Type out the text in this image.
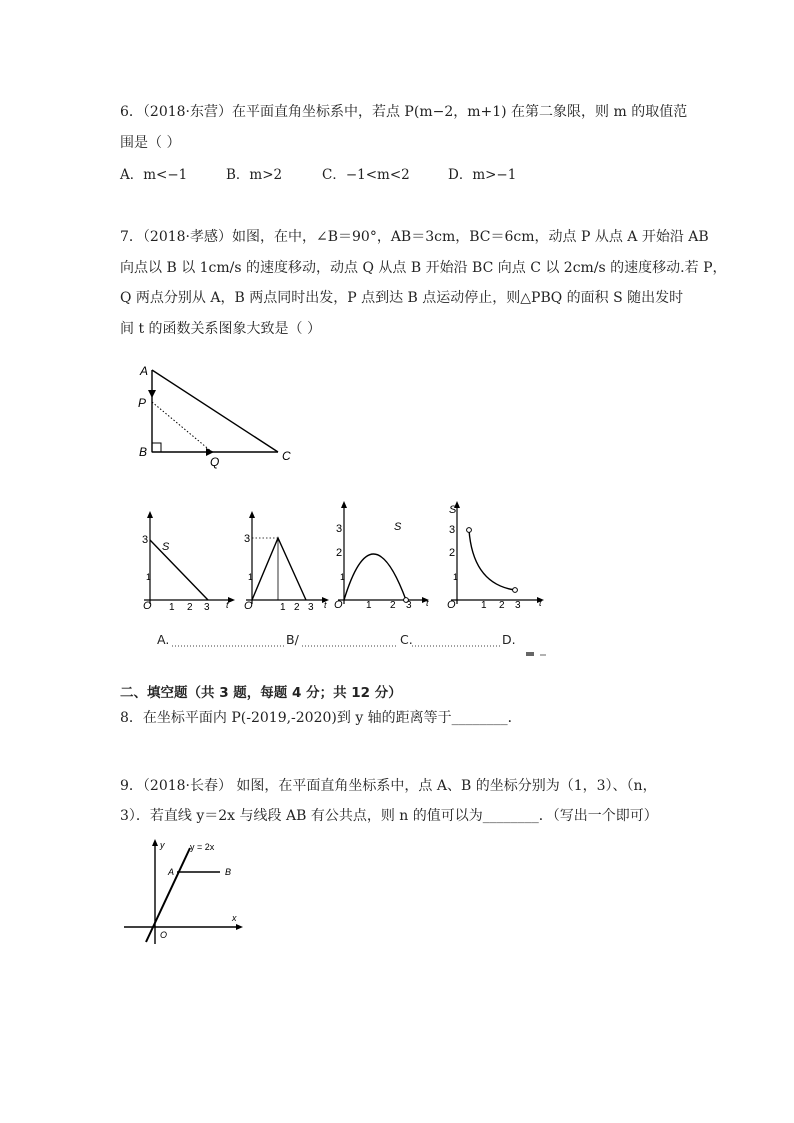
6．（2018·东营）在平面直角坐标系中，若点 P(m−2，m+1) 在第二象限，则 m 的取值范
围是（ ）
A．m<−1	B．m>2	C．−1<m<2	D．m>−1
7．（2018·孝感）如图，在中，∠B＝90°，AB＝3cm，BC＝6cm，动点 P 从点 A 开始沿 AB
向点以 B 以 1cm/s 的速度移动，动点 Q 从点 B 开始沿 BC 向点 C 以 2cm/s 的速度移动.若 P，
Q 两点分别从 A，B 两点同时出发，P 点到达 B 点运动停止，则△PBQ 的面积 S 随出发时
间 t 的函数关系图象大致是（ ）
A
P
B
Q	C
3
1
S
O 1 2 3 t
3
1
O	1 2 3 t
3
2
1
S
O 1 2 3 t
S
3
2
1
O	1 2 3 t
A.	B/	C.	D.
二、填空题（共 3 题，每题 4 分；共 12 分）
8．在坐标平面内 P(-2019,-2020)到 y 轴的距离等于________．
9．（2018·长春） 如图，在平面直角坐标系中，点 A、B 的坐标分别为（1，3）、（n，
3）．若直线 y＝2x 与线段 AB 有公共点，则 n 的值可以为________．（写出一个即可）
y	y = 2x
A	B
x
O
